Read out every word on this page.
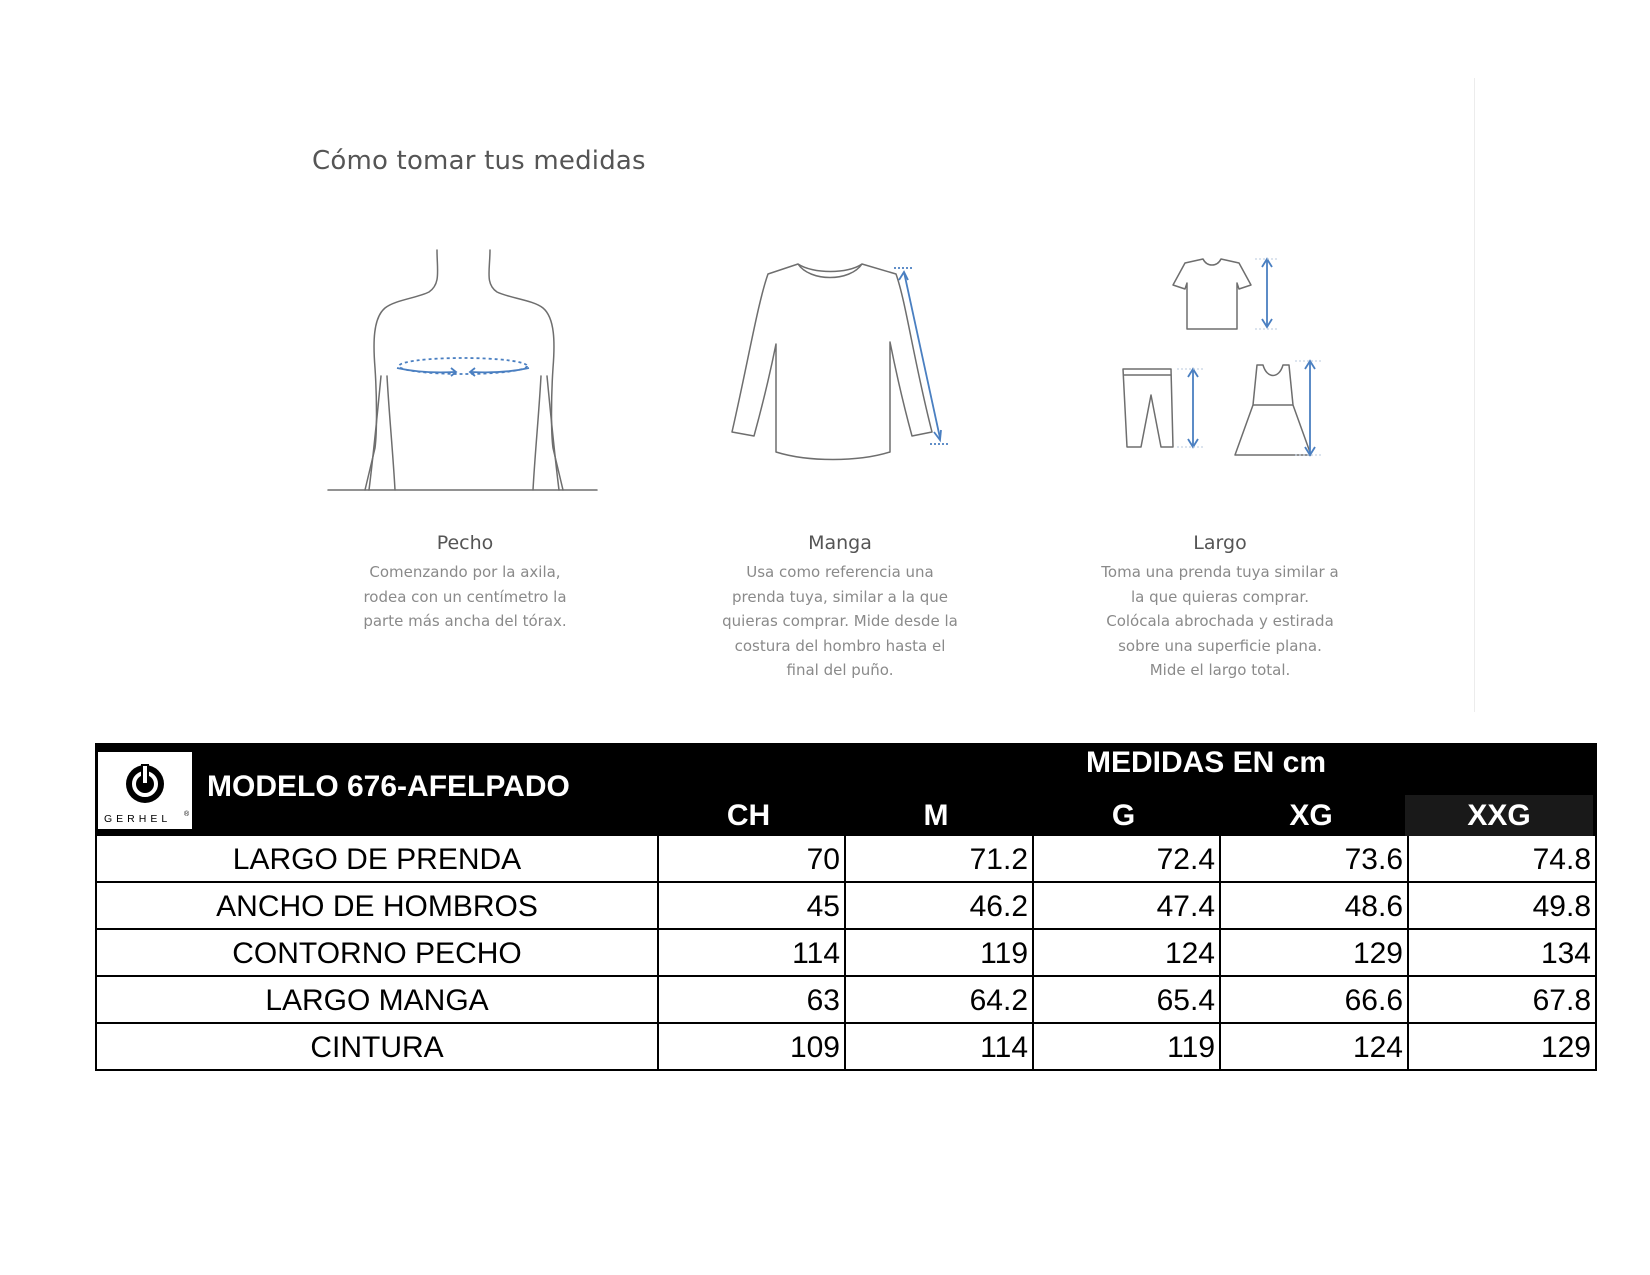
Cómo tomar tus medidas
Pecho
Comenzando por la axila,
rodea con un centímetro la
parte más ancha del tórax.
Manga
Usa como referencia una
prenda tuya, similar a la que
quieras comprar. Mide desde la
costura del hombro hasta el
final del puño.
Largo
Toma una prenda tuya similar a
la que quieras comprar.
Colócala abrochada y estirada
sobre una superficie plana.
Mide el largo total.
GERHEL ®
MODELO 676-AFELPADO
MEDIDAS EN cm
CH	M	G	XG	XXG
LARGO DE PRENDA	70	71.2	72.4	73.6	74.8
ANCHO DE HOMBROS	45	46.2	47.4	48.6	49.8
CONTORNO PECHO	114	119	124	129	134
LARGO MANGA	63	64.2	65.4	66.6	67.8
CINTURA	109	114	119	124	129
